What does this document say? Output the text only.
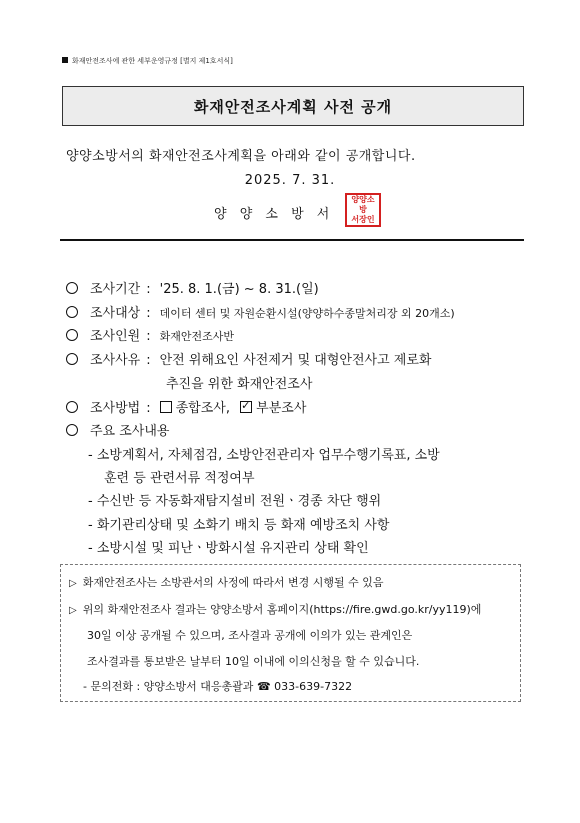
화재안전조사에 관한 세부운영규정 [별지 제1호서식]
화재안전조사계획 사전 공개
양양소방서의 화재안전조사계획을 아래와 같이 공개합니다.
2025. 7. 31.
양 양 소 방 서
양양소방
서장인
조사기간 : '25. 8. 1.(금) ~ 8. 31.(일)
조사대상 : 데이터 센터 및 자원순환시설(양양하수종말처리장 외 20개소)
조사인원 : 화재안전조사반
조사사유 : 안전 위해요인 사전제거 및 대형안전사고 제로화
추진을 위한 화재안전조사
조사방법 : 종합조사, ✓ 부분조사
주요 조사내용
- 소방계획서, 자체점검, 소방안전관리자 업무수행기록표, 소방
훈련 등 관련서류 적정여부
- 수신반 등 자동화재탐지설비 전원ㆍ경종 차단 행위
- 화기관리상태 및 소화기 배치 등 화재 예방조치 사항
- 소방시설 및 피난ㆍ방화시설 유지관리 상태 확인
▷ 화재안전조사는 소방관서의 사정에 따라서 변경 시행될 수 있음
▷ 위의 화재안전조사 결과는 양양소방서 홈페이지(https://fire.gwd.go.kr/yy119)에
30일 이상 공개될 수 있으며, 조사결과 공개에 이의가 있는 관계인은
조사결과를 통보받은 날부터 10일 이내에 이의신청을 할 수 있습니다.
- 문의전화 : 양양소방서 대응총괄과 ☎ 033-639-7322
